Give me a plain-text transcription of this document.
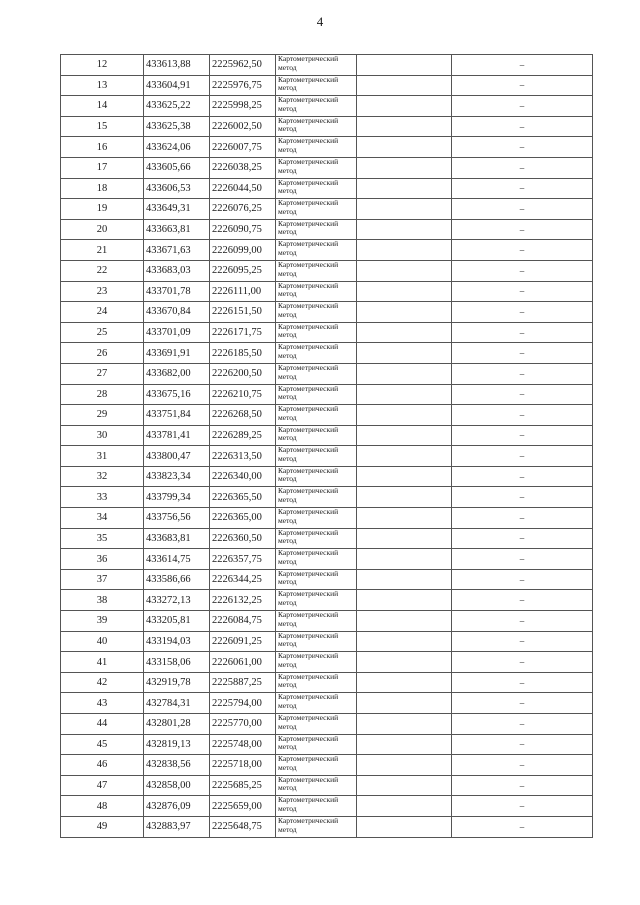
4
12	433613,88	2225962,50	Картометрический метод		–
13	433604,91	2225976,75	Картометрический метод		–
14	433625,22	2225998,25	Картометрический метод		–
15	433625,38	2226002,50	Картометрический метод		–
16	433624,06	2226007,75	Картометрический метод		–
17	433605,66	2226038,25	Картометрический метод		–
18	433606,53	2226044,50	Картометрический метод		–
19	433649,31	2226076,25	Картометрический метод		–
20	433663,81	2226090,75	Картометрический метод		–
21	433671,63	2226099,00	Картометрический метод		–
22	433683,03	2226095,25	Картометрический метод		–
23	433701,78	2226111,00	Картометрический метод		–
24	433670,84	2226151,50	Картометрический метод		–
25	433701,09	2226171,75	Картометрический метод		–
26	433691,91	2226185,50	Картометрический метод		–
27	433682,00	2226200,50	Картометрический метод		–
28	433675,16	2226210,75	Картометрический метод		–
29	433751,84	2226268,50	Картометрический метод		–
30	433781,41	2226289,25	Картометрический метод		–
31	433800,47	2226313,50	Картометрический метод		–
32	433823,34	2226340,00	Картометрический метод		–
33	433799,34	2226365,50	Картометрический метод		–
34	433756,56	2226365,00	Картометрический метод		–
35	433683,81	2226360,50	Картометрический метод		–
36	433614,75	2226357,75	Картометрический метод		–
37	433586,66	2226344,25	Картометрический метод		–
38	433272,13	2226132,25	Картометрический метод		–
39	433205,81	2226084,75	Картометрический метод		–
40	433194,03	2226091,25	Картометрический метод		–
41	433158,06	2226061,00	Картометрический метод		–
42	432919,78	2225887,25	Картометрический метод		–
43	432784,31	2225794,00	Картометрический метод		–
44	432801,28	2225770,00	Картометрический метод		–
45	432819,13	2225748,00	Картометрический метод		–
46	432838,56	2225718,00	Картометрический метод		–
47	432858,00	2225685,25	Картометрический метод		–
48	432876,09	2225659,00	Картометрический метод		–
49	432883,97	2225648,75	Картометрический метод		–
